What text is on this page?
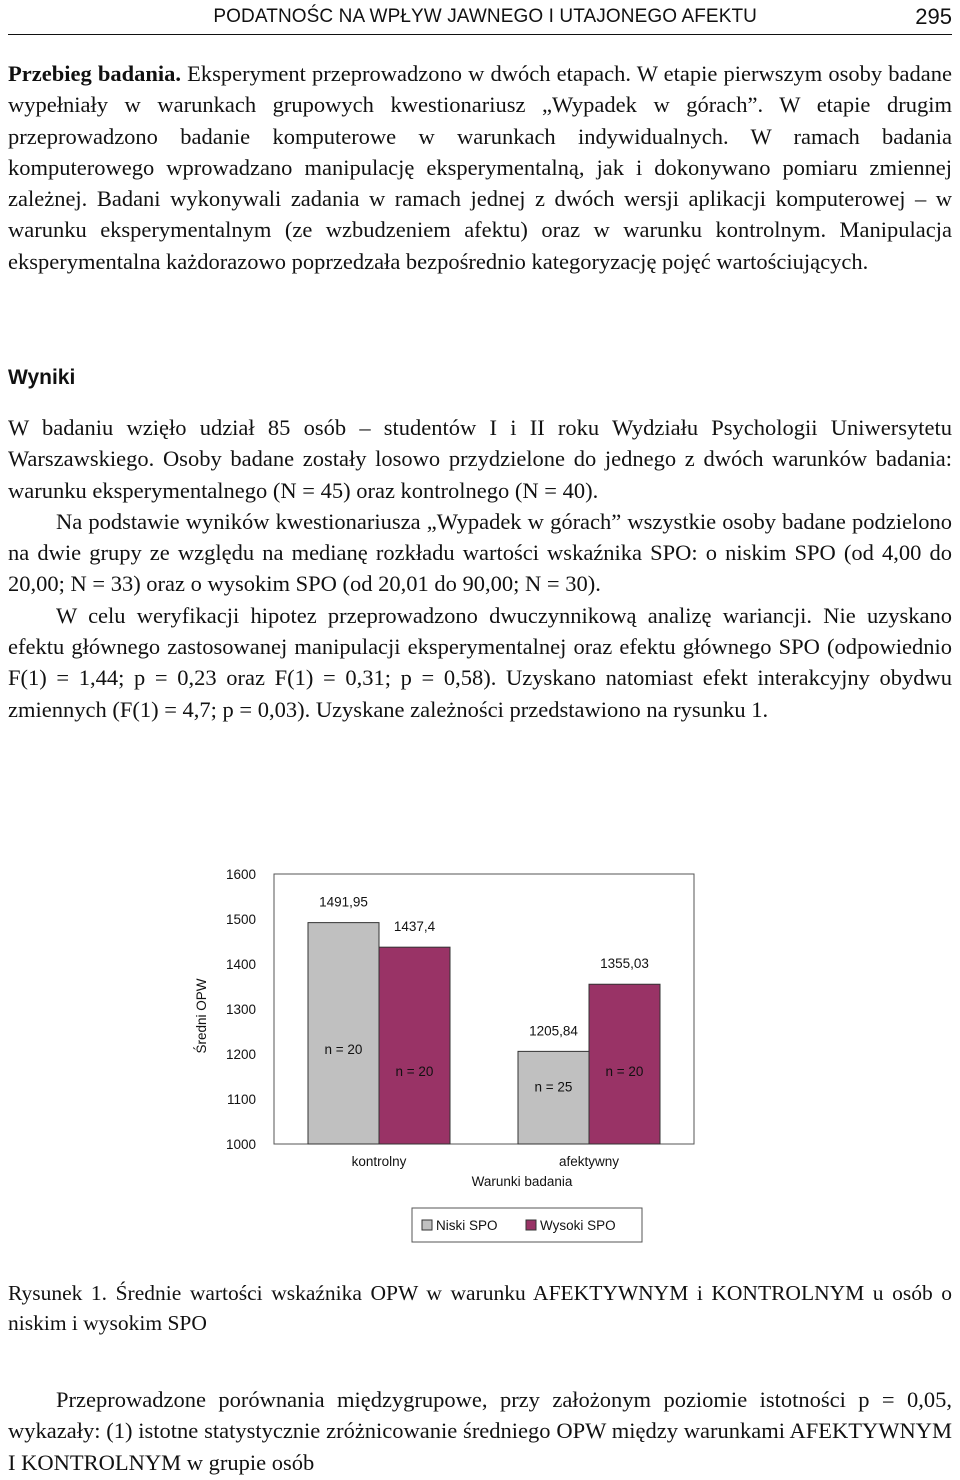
PODATNOŚC NA WPŁYW JAWNEGO I UTAJONEGO AFEKTU	295

Przebieg badania. Eksperyment przeprowadzono w dwóch etapach. W etapie pierwszym osoby badane wypełniały w warunkach grupowych kwestionariusz „Wypadek w górach”. W etapie drugim przeprowadzono badanie komputerowe w warunkach indywidualnych. W ramach badania komputerowego wprowadzano manipulację eksperymentalną, jak i dokonywano pomiaru zmiennej zależnej. Badani wykonywali zadania w ramach jednej z dwóch wersji aplikacji komputerowej – w warunku eksperymentalnym (ze wzbudzeniem afektu) oraz w warunku kontrolnym. Manipulacja eksperymentalna każdorazowo poprzedzała bezpośrednio kategoryzację pojęć wartościujących.

Wyniki

W badaniu wzięło udział 85 osób – studentów I i II roku Wydziału Psychologii Uniwersytetu Warszawskiego. Osoby badane zostały losowo przydzielone do jednego z dwóch warunków badania: warunku eksperymentalnego (N = 45) oraz kontrolnego (N = 40).

Na podstawie wyników kwestionariusza „Wypadek w górach” wszystkie osoby badane podzielono na dwie grupy ze względu na medianę rozkładu wartości wskaźnika SPO: o niskim SPO (od 4,00 do 20,00; N = 33) oraz o wysokim SPO (od 20,01 do 90,00; N = 30).

W celu weryfikacji hipotez przeprowadzono dwuczynnikową analizę wariancji. Nie uzyskano efektu głównego zastosowanej manipulacji eksperymentalnej oraz efektu głównego SPO (odpowiednio F(1) = 1,44; p = 0,23 oraz F(1) = 0,31; p = 0,58). Uzyskano natomiast efekt interakcyjny obydwu zmiennych (F(1) = 4,7; p = 0,03). Uzyskane zależności przedstawiono na rysunku 1.

Średni OPW
1000
1100
1200
1300
1400
1500
1600
1491,95
n = 20
1437,4
n = 20
1205,84
n = 25
1355,03
n = 20
kontrolny	afektywny
Warunki badania
Niski SPO	Wysoki SPO
Rysunek 1. Średnie wartości wskaźnika OPW w warunku AFEKTYWNYM i KONTROLNYM u osób o niskim i wysokim SPO

Przeprowadzone porównania międzygrupowe, przy założonym poziomie istotności p = 0,05, wykazały: (1) istotne statystycznie zróżnicowanie średniego OPW między warunkami AFEKTYWNYM I KONTROLNYM w grupie osób
